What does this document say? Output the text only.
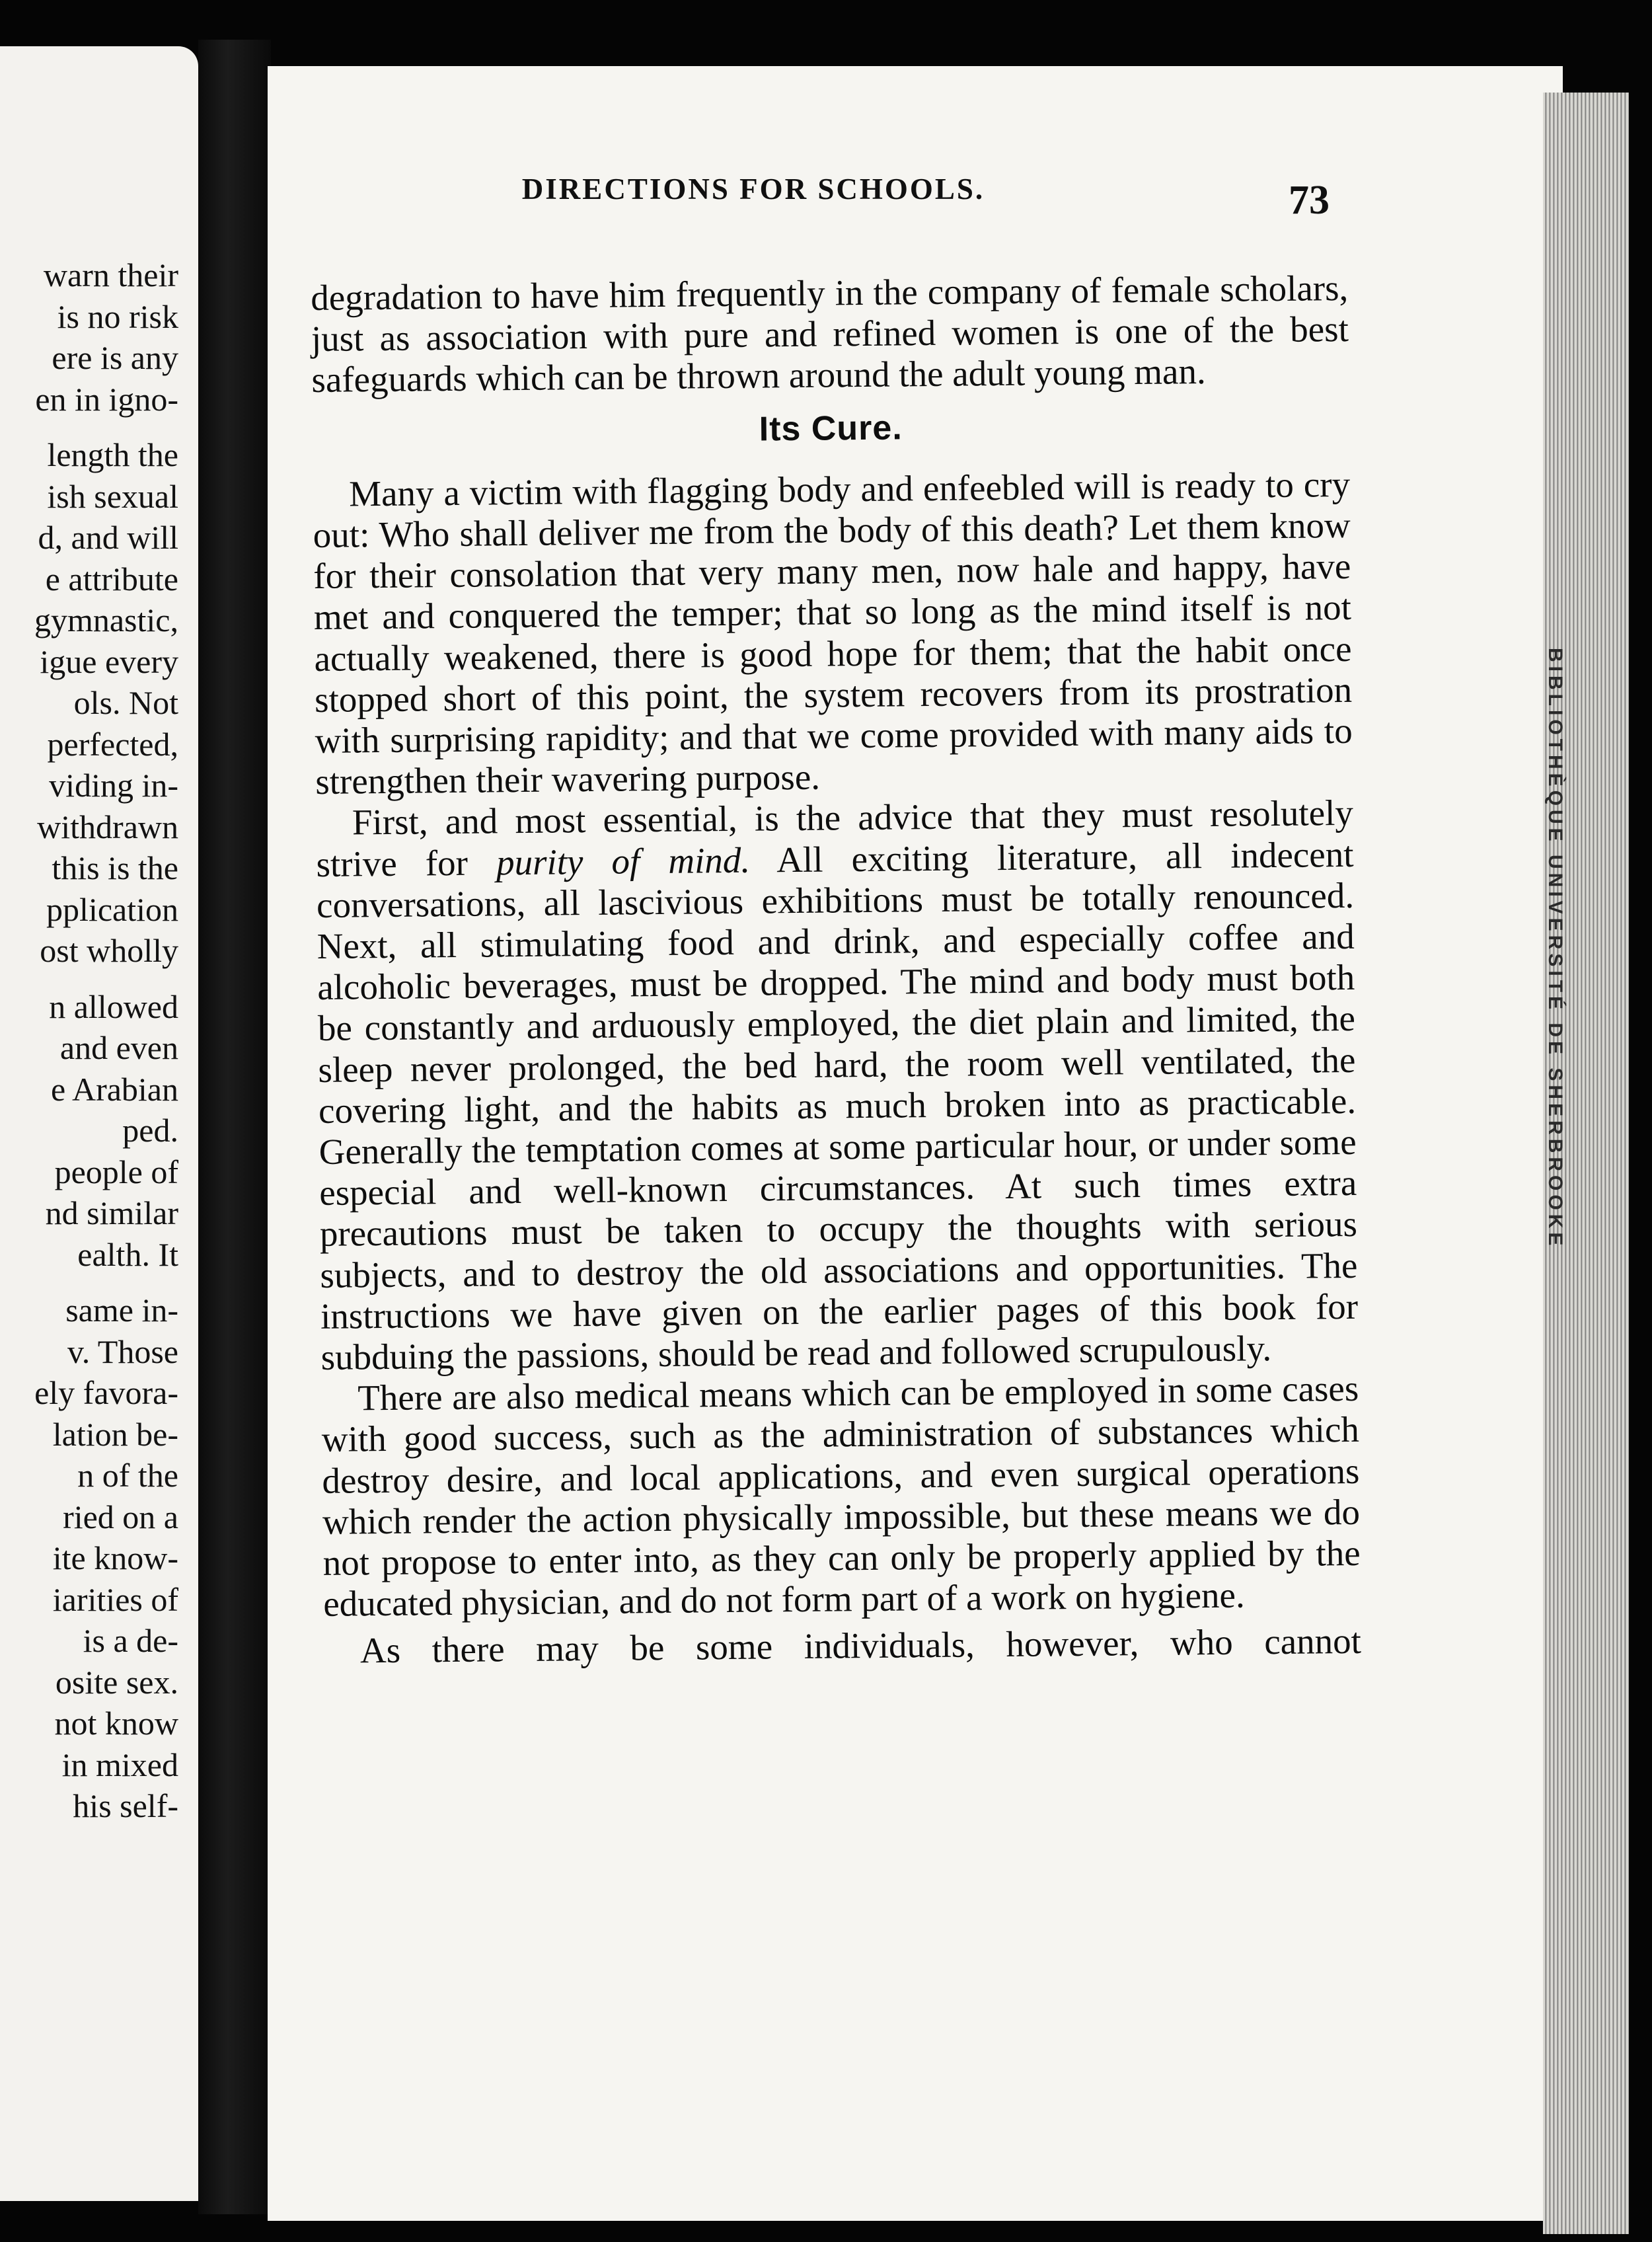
warn their
is no risk
ere is any
en in igno-
length the
ish sexual
d, and will
e attribute
gymnastic,
igue every
ols. Not
perfected,
viding in-
withdrawn
this is the
pplication
ost wholly
n allowed
and even
e Arabian
ped.
people of
nd similar
ealth. It
same in-
v. Those
ely favora-
lation be-
n of the
ried on a
ite know-
iarities of
is a de-
osite sex.
not know
in mixed
his self-
BIBLIOTHÈQUE UNIVERSITÉ DE SHERBROOKE
DIRECTIONS FOR SCHOOLS.	73

degradation to have him frequently in the company of female scholars, just as association with pure and refined women is one of the best safeguards which can be thrown around the adult young man.

Its Cure.

Many a victim with flagging body and enfeebled will is ready to cry out: Who shall deliver me from the body of this death? Let them know for their consolation that very many men, now hale and happy, have met and conquered the temper; that so long as the mind itself is not actually weakened, there is good hope for them; that the habit once stopped short of this point, the system recovers from its prostration with surprising rapidity; and that we come provided with many aids to strengthen their wavering purpose.

First, and most essential, is the advice that they must resolutely strive for purity of mind. All exciting literature, all indecent conversations, all lascivious exhibitions must be totally renounced. Next, all stimulating food and drink, and especially coffee and alcoholic beverages, must be dropped. The mind and body must both be constantly and arduously employed, the diet plain and limited, the sleep never prolonged, the bed hard, the room well ventilated, the covering light, and the habits as much broken into as practicable. Generally the temptation comes at some particular hour, or under some especial and well-known circumstances. At such times extra precautions must be taken to occupy the thoughts with serious subjects, and to destroy the old associations and opportunities. The instructions we have given on the earlier pages of this book for subduing the passions, should be read and followed scrupulously.

There are also medical means which can be employed in some cases with good success, such as the administration of substances which destroy desire, and local applications, and even surgical operations which render the action physically impossible, but these means we do not propose to enter into, as they can only be properly applied by the educated physician, and do not form part of a work on hygiene.

As there may be some individuals, however, who cannot
